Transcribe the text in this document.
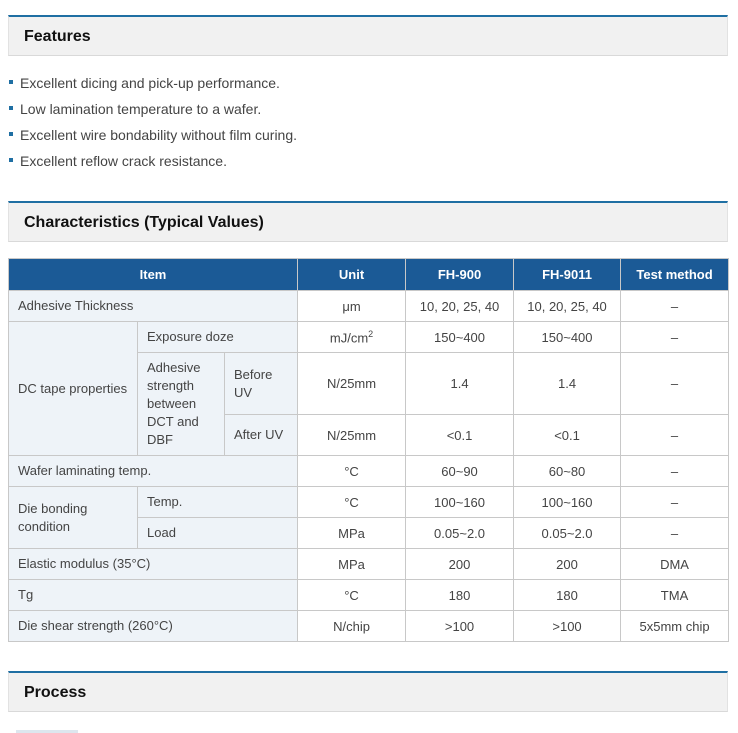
Features
Excellent dicing and pick-up performance.
Low lamination temperature to a wafer.
Excellent wire bondability without film curing.
Excellent reflow crack resistance.
Characteristics (Typical Values)
Item			Unit	FH-900	FH-9011	Test method
Adhesive Thickness			μm	10, 20, 25, 40	10, 20, 25, 40	–
DC tape properties	Exposure doze		$mJ/cm^2$	150~400	150~400	–
	Adhesive strength between DCT and DBF	Before UV	N/25mm	1.4	1.4	–
		After UV	N/25mm	<0.1	<0.1	–
Wafer laminating temp.			°C	60~90	60~80	–
Die bonding condition	Temp.		°C	100~160	100~160	–
	Load		MPa	0.05~2.0	0.05~2.0	–
Elastic modulus (35°C)			MPa	200	200	DMA
Tg			°C	180	180	TMA
Die shear strength (260°C)			N/chip	>100	>100	5x5mm chip
Process
